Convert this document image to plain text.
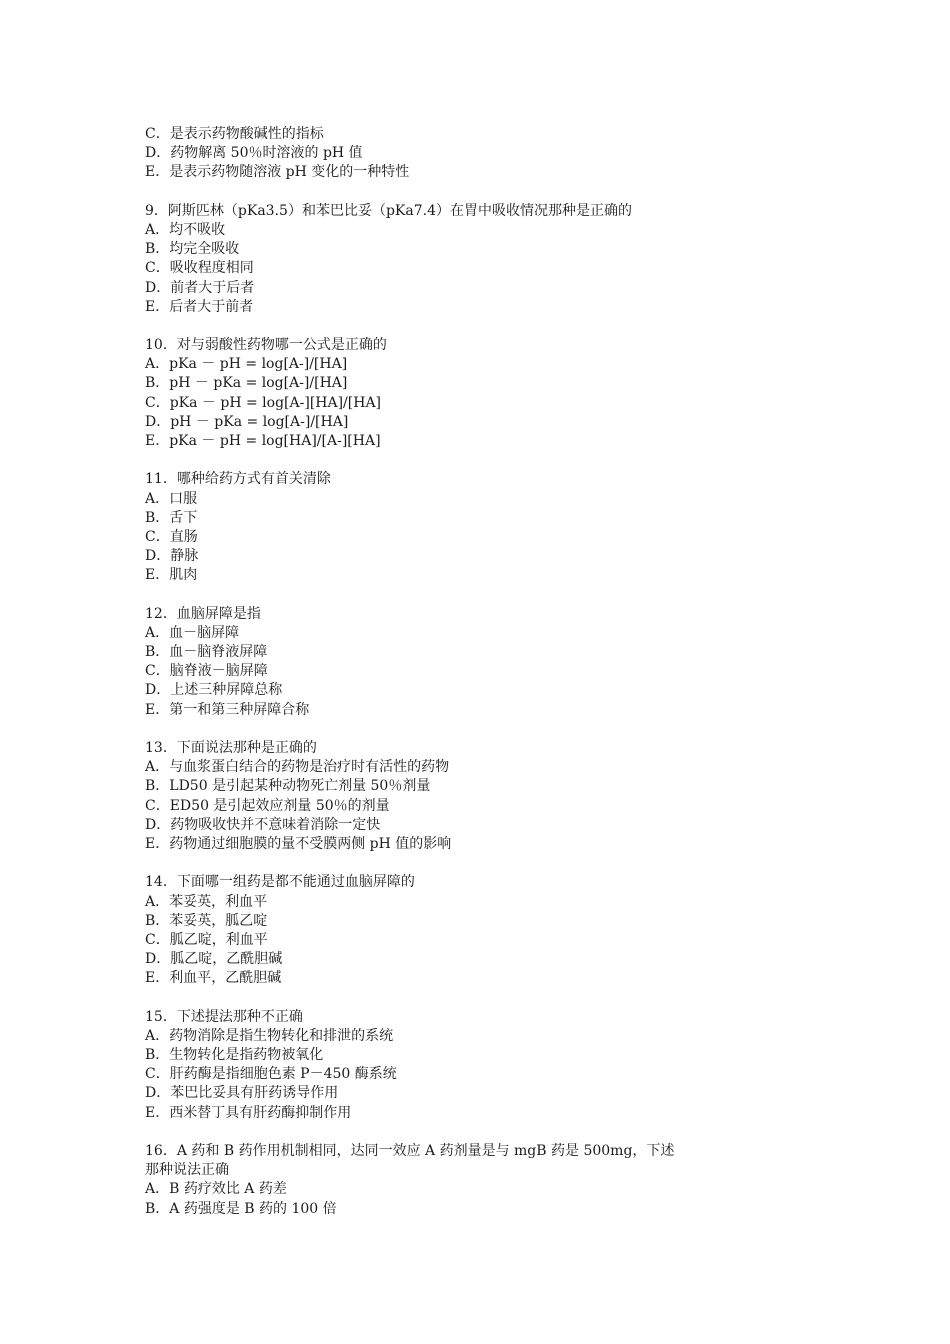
C．是表示药物酸碱性的指标
D．药物解离 50％时溶液的 pH 值
E．是表示药物随溶液 pH 变化的一种特性
9．阿斯匹林（pKa3.5）和苯巴比妥（pKa7.4）在胃中吸收情况那种是正确的
A．均不吸收
B．均完全吸收
C．吸收程度相同
D．前者大于后者
E．后者大于前者
10．对与弱酸性药物哪一公式是正确的
A．pKa － pH = log[A-]/[HA]
B．pH － pKa = log[A-]/[HA]
C．pKa － pH = log[A-][HA]/[HA]
D．pH － pKa = log[A-]/[HA]
E．pKa － pH = log[HA]/[A-][HA]
11．哪种给药方式有首关清除
A．口服
B．舌下
C．直肠
D．静脉
E．肌肉
12．血脑屏障是指
A．血－脑屏障
B．血－脑脊液屏障
C．脑脊液－脑屏障
D．上述三种屏障总称
E．第一和第三种屏障合称
13．下面说法那种是正确的
A．与血浆蛋白结合的药物是治疗时有活性的药物
B．LD50 是引起某种动物死亡剂量 50％剂量
C．ED50 是引起效应剂量 50％的剂量
D．药物吸收快并不意味着消除一定快
E．药物通过细胞膜的量不受膜两侧 pH 值的影响
14．下面哪一组药是都不能通过血脑屏障的
A．苯妥英，利血平
B．苯妥英，胍乙啶
C．胍乙啶，利血平
D．胍乙啶，乙酰胆碱
E．利血平，乙酰胆碱
15．下述提法那种不正确
A．药物消除是指生物转化和排泄的系统
B．生物转化是指药物被氧化
C．肝药酶是指细胞色素 P－450 酶系统
D．苯巴比妥具有肝药诱导作用
E．西米替丁具有肝药酶抑制作用
16．A 药和 B 药作用机制相同，达同一效应 A 药剂量是与 mgB 药是 500mg，下述
那种说法正确
A．B 药疗效比 A 药差
B．A 药强度是 B 药的 100 倍
